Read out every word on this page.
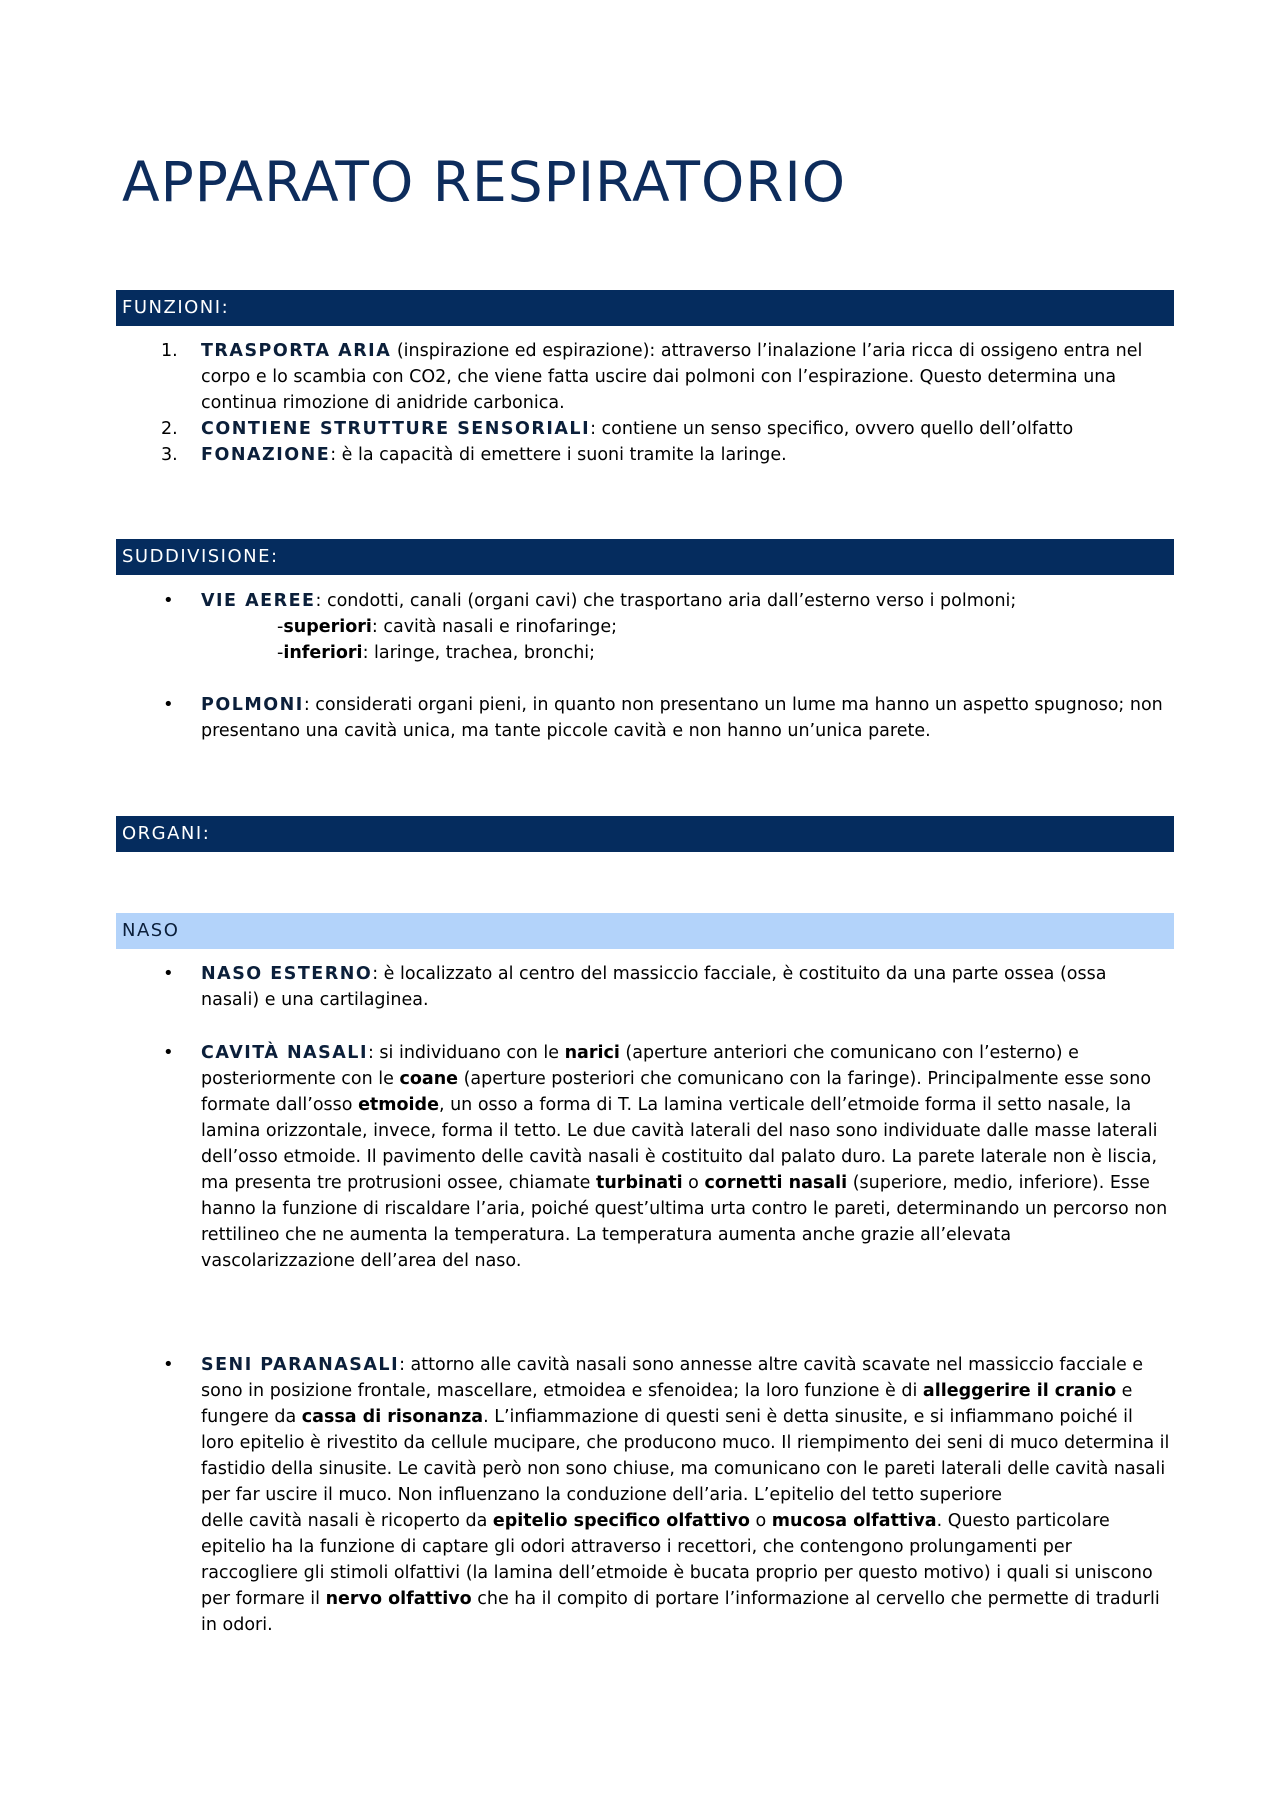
APPARATO RESPIRATORIO
FUNZIONI:
1. TRASPORTA ARIA (inspirazione ed espirazione): attraverso l’inalazione l’aria ricca di ossigeno entra nel corpo e lo scambia con CO2, che viene fatta uscire dai polmoni con l’espirazione. Questo determina una continua rimozione di anidride carbonica.
2. CONTIENE STRUTTURE SENSORIALI: contiene un senso specifico, ovvero quello dell’olfatto
3. FONAZIONE: è la capacità di emettere i suoni tramite la laringe.
SUDDIVISIONE:
• VIE AEREE: condotti, canali (organi cavi) che trasportano aria dall’esterno verso i polmoni;
-superiori: cavità nasali e rinofaringe;
-inferiori: laringe, trachea, bronchi;
• POLMONI: considerati organi pieni, in quanto non presentano un lume ma hanno un aspetto spugnoso; non presentano una cavità unica, ma tante piccole cavità e non hanno un’unica parete.
ORGANI:
NASO
• NASO ESTERNO: è localizzato al centro del massiccio facciale, è costituito da una parte ossea (ossa nasali) e una cartilaginea.
• CAVITÀ NASALI: si individuano con le narici (aperture anteriori che comunicano con l’esterno) e posteriormente con le coane (aperture posteriori che comunicano con la faringe). Principalmente esse sono formate dall’osso etmoide, un osso a forma di T. La lamina verticale dell’etmoide forma il setto nasale, la lamina orizzontale, invece, forma il tetto. Le due cavità laterali del naso sono individuate dalle masse laterali dell’osso etmoide. Il pavimento delle cavità nasali è costituito dal palato duro. La parete laterale non è liscia, ma presenta tre protrusioni ossee, chiamate turbinati o cornetti nasali (superiore, medio, inferiore). Esse hanno la funzione di riscaldare l’aria, poiché quest’ultima urta contro le pareti, determinando un percorso non rettilineo che ne aumenta la temperatura. La temperatura aumenta anche grazie all’elevata vascolarizzazione dell’area del naso.
• SENI PARANASALI: attorno alle cavità nasali sono annesse altre cavità scavate nel massiccio facciale e sono in posizione frontale, mascellare, etmoidea e sfenoidea; la loro funzione è di alleggerire il cranio e fungere da cassa di risonanza. L’infiammazione di questi seni è detta sinusite, e si infiammano poiché il loro epitelio è rivestito da cellule mucipare, che producono muco. Il riempimento dei seni di muco determina il fastidio della sinusite. Le cavità però non sono chiuse, ma comunicano con le pareti laterali delle cavità nasali per far uscire il muco. Non influenzano la conduzione dell’aria. L’epitelio del tetto superiore
delle cavità nasali è ricoperto da epitelio specifico olfattivo o mucosa olfattiva. Questo particolare epitelio ha la funzione di captare gli odori attraverso i recettori, che contengono prolungamenti per raccogliere gli stimoli olfattivi (la lamina dell’etmoide è bucata proprio per questo motivo) i quali si uniscono per formare il nervo olfattivo che ha il compito di portare l’informazione al cervello che permette di tradurli in odori.
